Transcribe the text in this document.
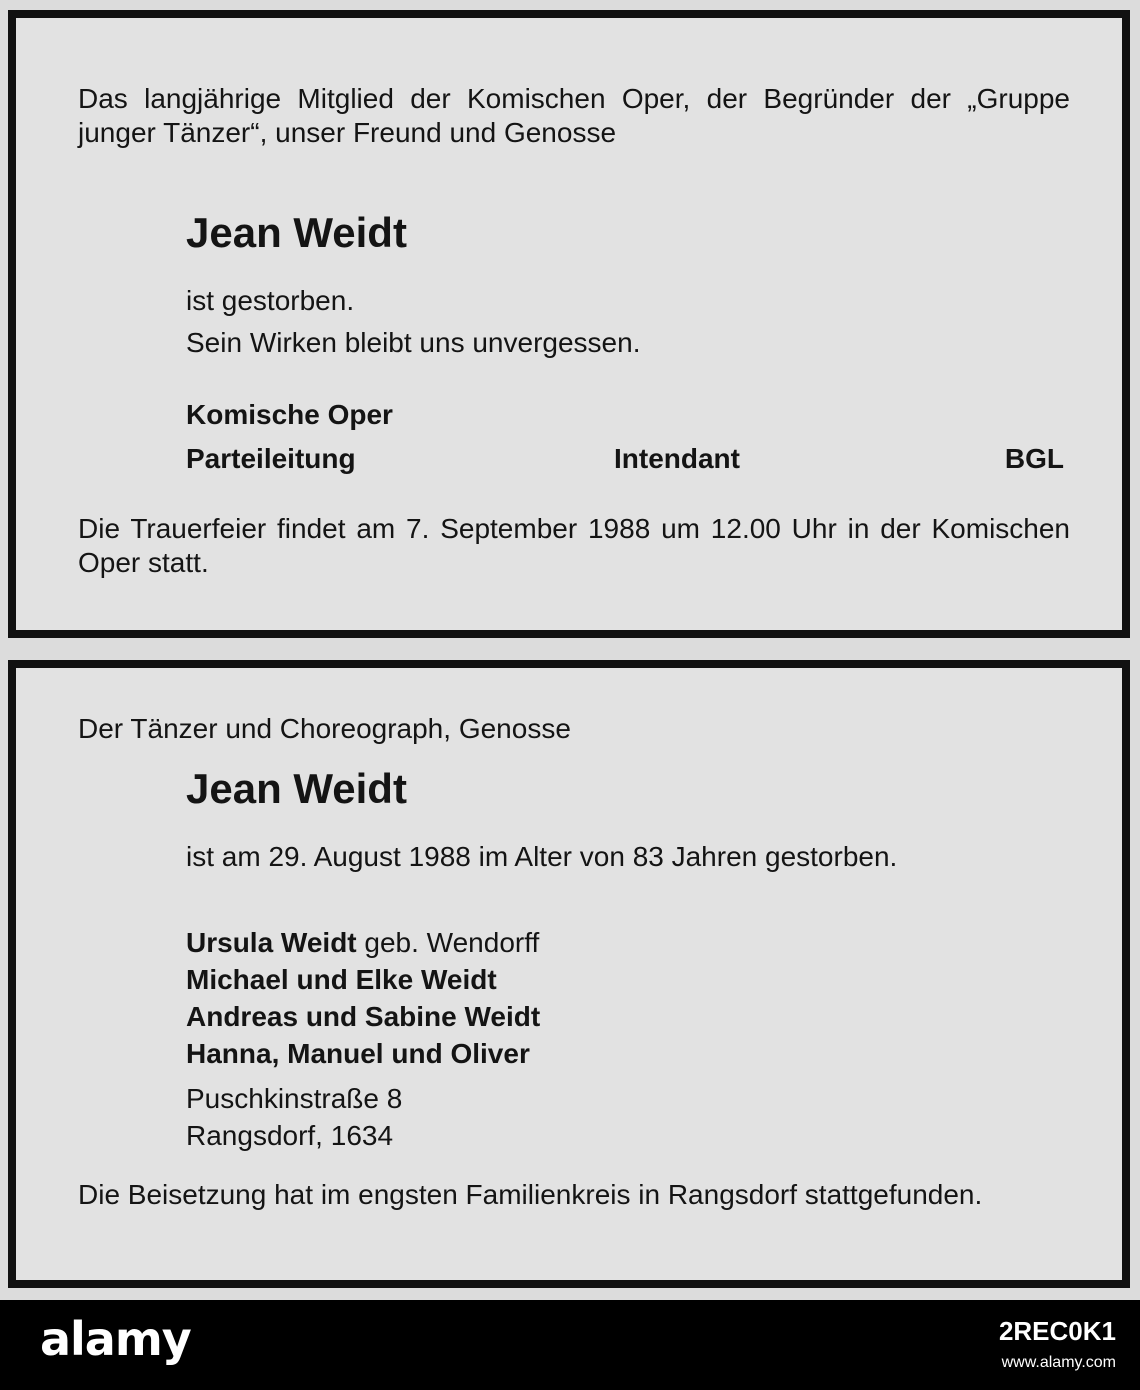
Das langjährige Mitglied der Komischen Oper, der Begründer der „Gruppe junger Tänzer“, unser Freund und Genosse
Jean Weidt
ist gestorben.
Sein Wirken bleibt uns unvergessen.
Komische Oper
Parteileitung	Intendant	BGL
Die Trauerfeier findet am 7. September 1988 um 12.00 Uhr in der Komischen Oper statt.
Der Tänzer und Choreograph, Genosse
Jean Weidt
ist am 29. August 1988 im Alter von 83 Jahren gestorben.
Ursula Weidt geb. Wendorff
Michael und Elke Weidt
Andreas und Sabine Weidt
Hanna, Manuel und Oliver
Puschkinstraße 8
Rangsdorf, 1634
Die Beisetzung hat im engsten Familienkreis in Rangsdorf stattgefunden.
alamy	2REC0K1
www.alamy.com
